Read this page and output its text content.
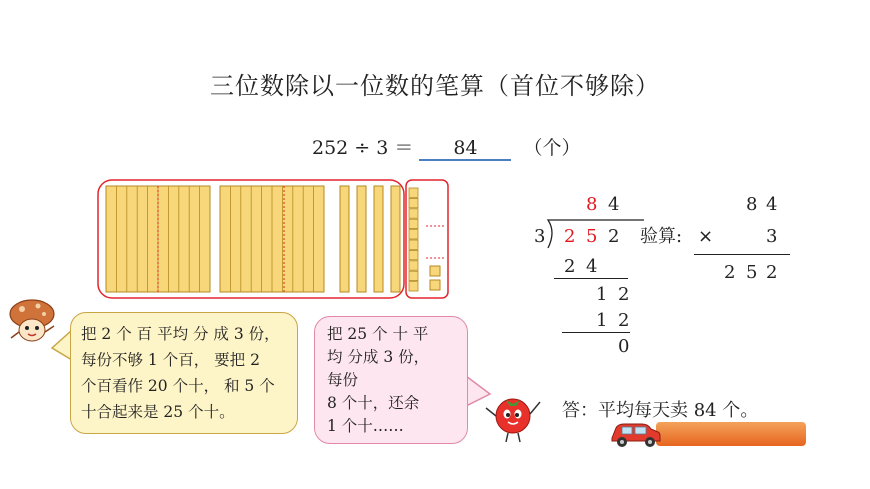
三位数除以一位数的笔算（首位不够除）
252 ÷ 3 ＝ 84 （个）
把 2 个 百 平均 分 成 3 份，
每份不够 1 个百， 要把 2
个百看作 20 个十， 和 5 个
十合起来是 25 个十。
把 25 个 十 平
均 分成 3 份，
每份
8 个十，还余
1 个十……
8 4
3 2 5 2
2 4
1 2
1 2
0
验算:
8 4
×	3
2 5 2
答：平均每天卖 84 个。
